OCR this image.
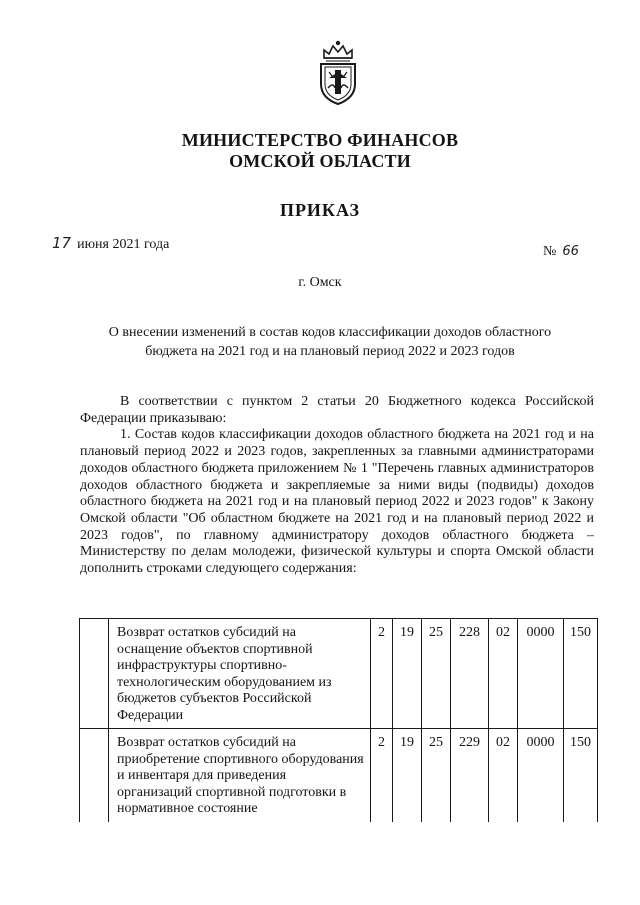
МИНИСТЕРСТВО ФИНАНСОВ
ОМСКОЙ ОБЛАСТИ
ПРИКАЗ
17 июня 2021 года	№ 66
г. Омск
О внесении изменений в состав кодов классификации доходов областного
бюджета на 2021 год и на плановый период 2022 и 2023 годов

В соответствии с пунктом 2 статьи 20 Бюджетного кодекса Российской Федерации приказываю:

1. Состав кодов классификации доходов областного бюджета на 2021 год и на плановый период 2022 и 2023 годов, закрепленных за главными администраторами доходов областного бюджета приложением № 1 "Перечень главных администраторов доходов областного бюджета и закрепляемые за ними виды (подвиды) доходов областного бюджета на 2021 год и на плановый период 2022 и 2023 годов" к Закону Омской области "Об областном бюджете на 2021 год и на плановый период 2022 и 2023 годов", по главному администратору доходов областного бюджета – Министерству по делам молодежи, физической культуры и спорта Омской области дополнить строками следующего содержания:

	Возврат остатков субсидий на оснащение объектов спортивной инфраструктуры спортивно-технологическим оборудованием из бюджетов субъектов Российской Федерации	2	19	25	228	02	0000	150
	Возврат остатков субсидий на приобретение спортивного оборудования и инвентаря для приведения организаций спортивной подготовки в нормативное состояние	2	19	25	229	02	0000	150
